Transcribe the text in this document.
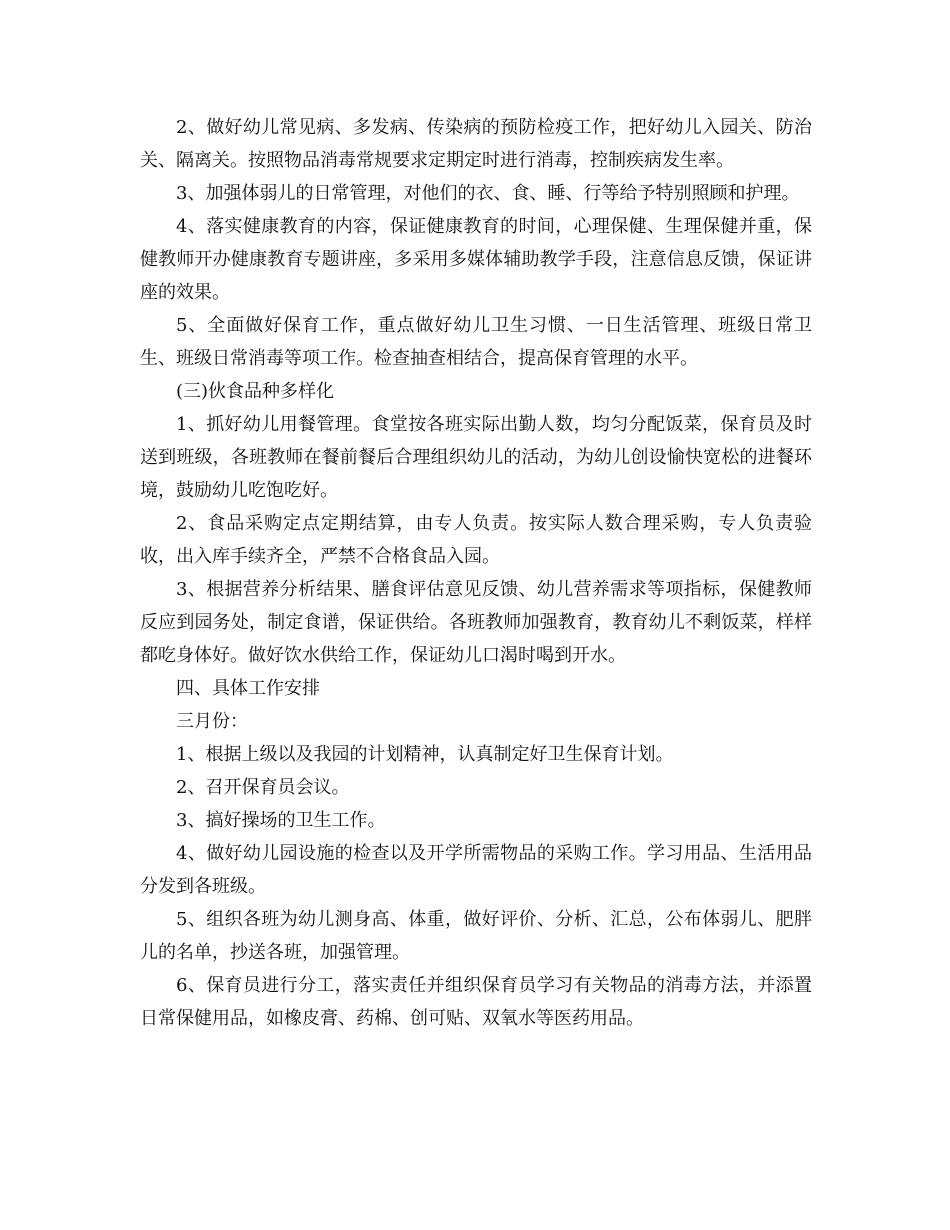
2、做好幼儿常见病、多发病、传染病的预防检疫工作，把好幼儿入园关、防治关、隔离关。按照物品消毒常规要求定期定时进行消毒，控制疾病发生率。

3、加强体弱儿的日常管理，对他们的衣、食、睡、行等给予特别照顾和护理。

4、落实健康教育的内容，保证健康教育的时间，心理保健、生理保健并重，保健教师开办健康教育专题讲座，多采用多媒体辅助教学手段，注意信息反馈，保证讲座的效果。

5、全面做好保育工作，重点做好幼儿卫生习惯、一日生活管理、班级日常卫生、班级日常消毒等项工作。检查抽查相结合，提高保育管理的水平。

(三)伙食品种多样化

1、抓好幼儿用餐管理。食堂按各班实际出勤人数，均匀分配饭菜，保育员及时送到班级，各班教师在餐前餐后合理组织幼儿的活动，为幼儿创设愉快宽松的进餐环境，鼓励幼儿吃饱吃好。

2、食品采购定点定期结算，由专人负责。按实际人数合理采购，专人负责验收，出入库手续齐全，严禁不合格食品入园。

3、根据营养分析结果、膳食评估意见反馈、幼儿营养需求等项指标，保健教师反应到园务处，制定食谱，保证供给。各班教师加强教育，教育幼儿不剩饭菜，样样都吃身体好。做好饮水供给工作，保证幼儿口渴时喝到开水。

四、具体工作安排

三月份：

1、根据上级以及我园的计划精神，认真制定好卫生保育计划。

2、召开保育员会议。

3、搞好操场的卫生工作。

4、做好幼儿园设施的检查以及开学所需物品的采购工作。学习用品、生活用品分发到各班级。

5、组织各班为幼儿测身高、体重，做好评价、分析、汇总，公布体弱儿、肥胖儿的名单，抄送各班，加强管理。

6、保育员进行分工，落实责任并组织保育员学习有关物品的消毒方法，并添置日常保健用品，如橡皮膏、药棉、创可贴、双氧水等医药用品。
